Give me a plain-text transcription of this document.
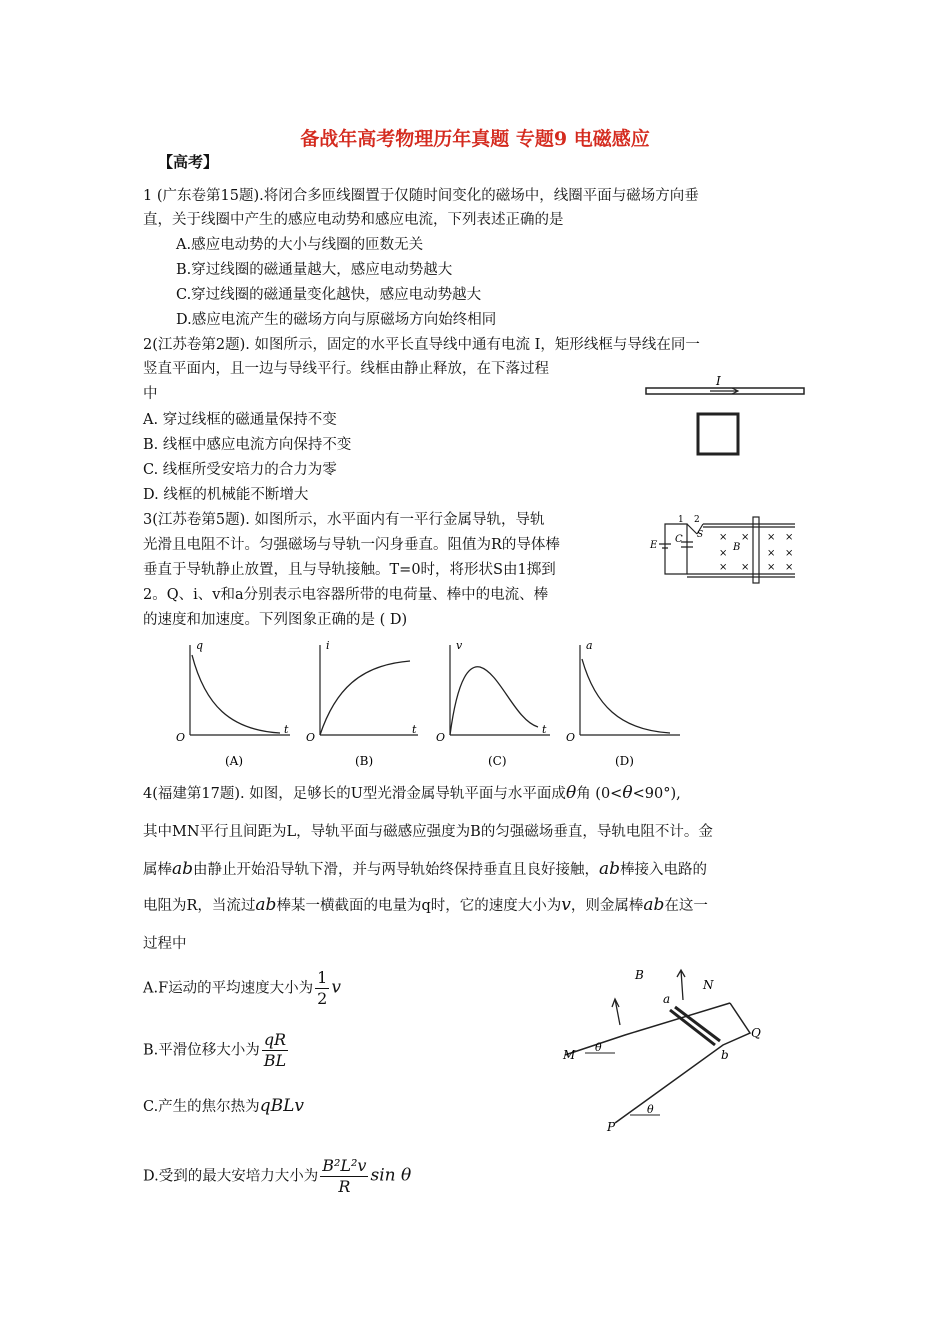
备战年高考物理历年真题 专题9 电磁感应
【高考】
1 (广东卷第15题).将闭合多匝线圈置于仅随时间变化的磁场中，线圈平面与磁场方向垂
直，关于线圈中产生的感应电动势和感应电流，下列表述正确的是
A.感应电动势的大小与线圈的匝数无关
B.穿过线圈的磁通量越大，感应电动势越大
C.穿过线圈的磁通量变化越快，感应电动势越大
D.感应电流产生的磁场方向与原磁场方向始终相同
2(江苏卷第2题). 如图所示，固定的水平长直导线中通有电流 I，矩形线框与导线在同一
竖直平面内，且一边与导线平行。线框由静止释放，在下落过程
中
A. 穿过线框的磁通量保持不变
B. 线框中感应电流方向保持不变
C. 线框所受安培力的合力为零
D. 线框的机械能不断增大
I
3(江苏卷第5题). 如图所示，水平面内有一平行金属导轨，导轨
光滑且电阻不计。匀强磁场与导轨一闪身垂直。阻值为R的导体棒
垂直于导轨静止放置，且与导轨接触。T=0时，将形状S由1掷到
2。Q、i、v和a分别表示电容器所带的电荷量、棒中的电流、棒
的速度和加速度。下列图象正确的是 ( D)
E
C
1 2
S
B
× × × ×
×	× ×
× × × ×
q
t
O
(A)
i
t
O
(B)
v
t
O
(C)
a
O
(D)
4(福建第17题). 如图，足够长的U型光滑金属导轨平面与水平面成θ角 (0<θ<90°),
其中MN平行且间距为L，导轨平面与磁感应强度为B的匀强磁场垂直，导轨电阻不计。金
属棒ab由静止开始沿导轨下滑，并与两导轨始终保持垂直且良好接触，ab棒接入电路的
电阻为R，当流过ab棒某一横截面的电量为q时，它的速度大小为v，则金属棒ab在这一
过程中
A.F运动的平均速度大小为 $\frac{1}{2}$ v
B.平滑位移大小为 $\frac{qR}{BL}$
C.产生的焦尔热为qBLv
D.受到的最大安培力大小为 $\frac{\text{B²L²v}}{R}$ sin θ
B
a
N
Q
M	b
P
θ
θ
